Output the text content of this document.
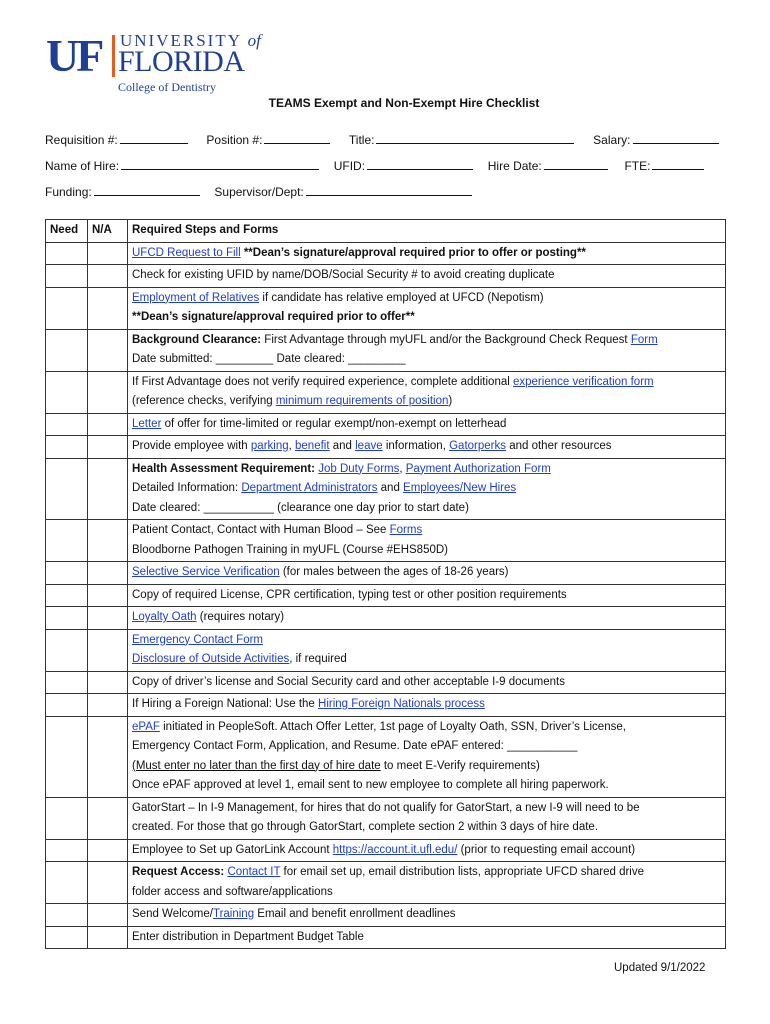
UF UNIVERSITY of
FLORIDA
College of Dentistry
TEAMS Exempt and Non-Exempt Hire Checklist
Requisition #:	Position #:	Title:	Salary:
Name of Hire:	UFID:	Hire Date:	FTE:
Funding:	Supervisor/Dept:
Need	N/A	Required Steps and Forms

		UFCD Request to Fill **Dean’s signature/approval required prior to offer or posting**

		Check for existing UFID by name/DOB/Social Security # to avoid creating duplicate

		Employment of Relatives if candidate has relative employed at UFCD (Nepotism)
**Dean’s signature/approval required prior to offer**

		Background Clearance: First Advantage through myUFL and/or the Background Check Request Form
Date submitted: _________ Date cleared: _________

		If First Advantage does not verify required experience, complete additional experience verification form
(reference checks, verifying minimum requirements of position)

		Letter of offer for time-limited or regular exempt/non-exempt on letterhead

		Provide employee with parking, benefit and leave information, Gatorperks and other resources

		Health Assessment Requirement: Job Duty Forms, Payment Authorization Form
Detailed Information: Department Administrators and Employees/New Hires
Date cleared: ___________ (clearance one day prior to start date)

		Patient Contact, Contact with Human Blood – See Forms
Bloodborne Pathogen Training in myUFL (Course #EHS850D)

		Selective Service Verification (for males between the ages of 18-26 years)

		Copy of required License, CPR certification, typing test or other position requirements

		Loyalty Oath (requires notary)

		Emergency Contact Form
Disclosure of Outside Activities, if required

		Copy of driver’s license and Social Security card and other acceptable I-9 documents

		If Hiring a Foreign National: Use the Hiring Foreign Nationals process

		ePAF initiated in PeopleSoft. Attach Offer Letter, 1st page of Loyalty Oath, SSN, Driver’s License,
Emergency Contact Form, Application, and Resume. Date ePAF entered: ___________
(Must enter no later than the first day of hire date to meet E-Verify requirements)
Once ePAF approved at level 1, email sent to new employee to complete all hiring paperwork.

		GatorStart – In I-9 Management, for hires that do not qualify for GatorStart, a new I-9 will need to be
created. For those that go through GatorStart, complete section 2 within 3 days of hire date.

		Employee to Set up GatorLink Account https://account.it.ufl.edu/ (prior to requesting email account)

		Request Access: Contact IT for email set up, email distribution lists, appropriate UFCD shared drive
folder access and software/applications

		Send Welcome/Training Email and benefit enrollment deadlines

		Enter distribution in Department Budget Table
Updated 9/1/2022
